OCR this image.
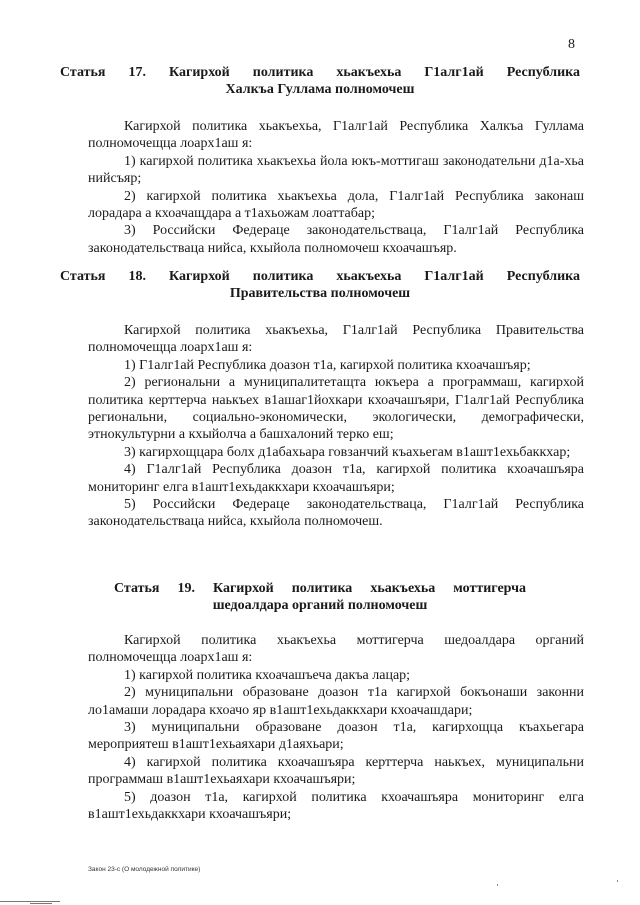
8
Статья 17. Кагирхой политика хьакъехьа Г1алг1ай Республика
Халкъа Гуллама полномочеш

Кагирхой политика хьакъехьа, Г1алг1ай Республика Халкъа Гуллама полномочещца лоарх1аш я:

1) кагирхой политика хьакъехьа йола юкъ-моттигаш законодательни д1а-хьа нийсъяр;

2) кагирхой политика хьакъехьа дола, Г1алг1ай Республика законаш лорадара а кхоачащдара а т1ахьожам лоаттабар;

3) Российски Федераце законодательстваца, Г1алг1ай Республика законодательстваца нийса, кхыйола полномочеш кхоачашъяр.

Статья 18. Кагирхой политика хьакъехьа Г1алг1ай Республика
Правительства полномочеш

Кагирхой политика хьакъехьа, Г1алг1ай Республика Правительства полномочещца лоарх1аш я:

1) Г1алг1ай Республика доазон т1а, кагирхой политика кхоачашъяр;

2) региональни а муниципалитетащта юкъера а программаш, кагирхой политика керттерча наькъех в1ашаг1йохкари кхоачашъяри, Г1алг1ай Республика региональни, социально-экономически, экологически, демографически, этнокультурни а кхыйолча а башхалоний терко еш;

3) кагирхощцара болх д1абахьара говзанчий къахьегам в1ашт1ехьбаккхар;

4) Г1алг1ай Республика доазон т1а, кагирхой политика кхоачашъяра мониторинг елга в1ашт1ехьдаккхари кхоачашъяри;

5) Российски Федераце законодательстваца, Г1алг1ай Республика законодательстваца нийса, кхыйола полномочеш.

Статья 19. Кагирхой политика хьакъехьа моттигерча
шедоалдара органий полномочеш

Кагирхой политика хьакъехьа моттигерча шедоалдара органий полномочещца лоарх1аш я:

1) кагирхой политика кхоачашъеча дакъа лацар;

2) муниципальни образоване доазон т1а кагирхой бокъонаши законни ло1амаши лорадара кхоачо яр в1ашт1ехьдаккхари кхоачашдари;

3) муниципальни образоване доазон т1а, кагирхощца къахьегара мероприятеш в1ашт1ехьаяхари д1аяхьари;

4) кагирхой политика кхоачашъяра керттерча наькъех, муниципальни программаш в1ашт1ехьаяхари кхоачашъяри;

5) доазон т1а, кагирхой политика кхоачашъяра мониторинг елга в1ашт1ехьдаккхари кхоачашъяри;

Закон 23-с (О молодежной политике)
